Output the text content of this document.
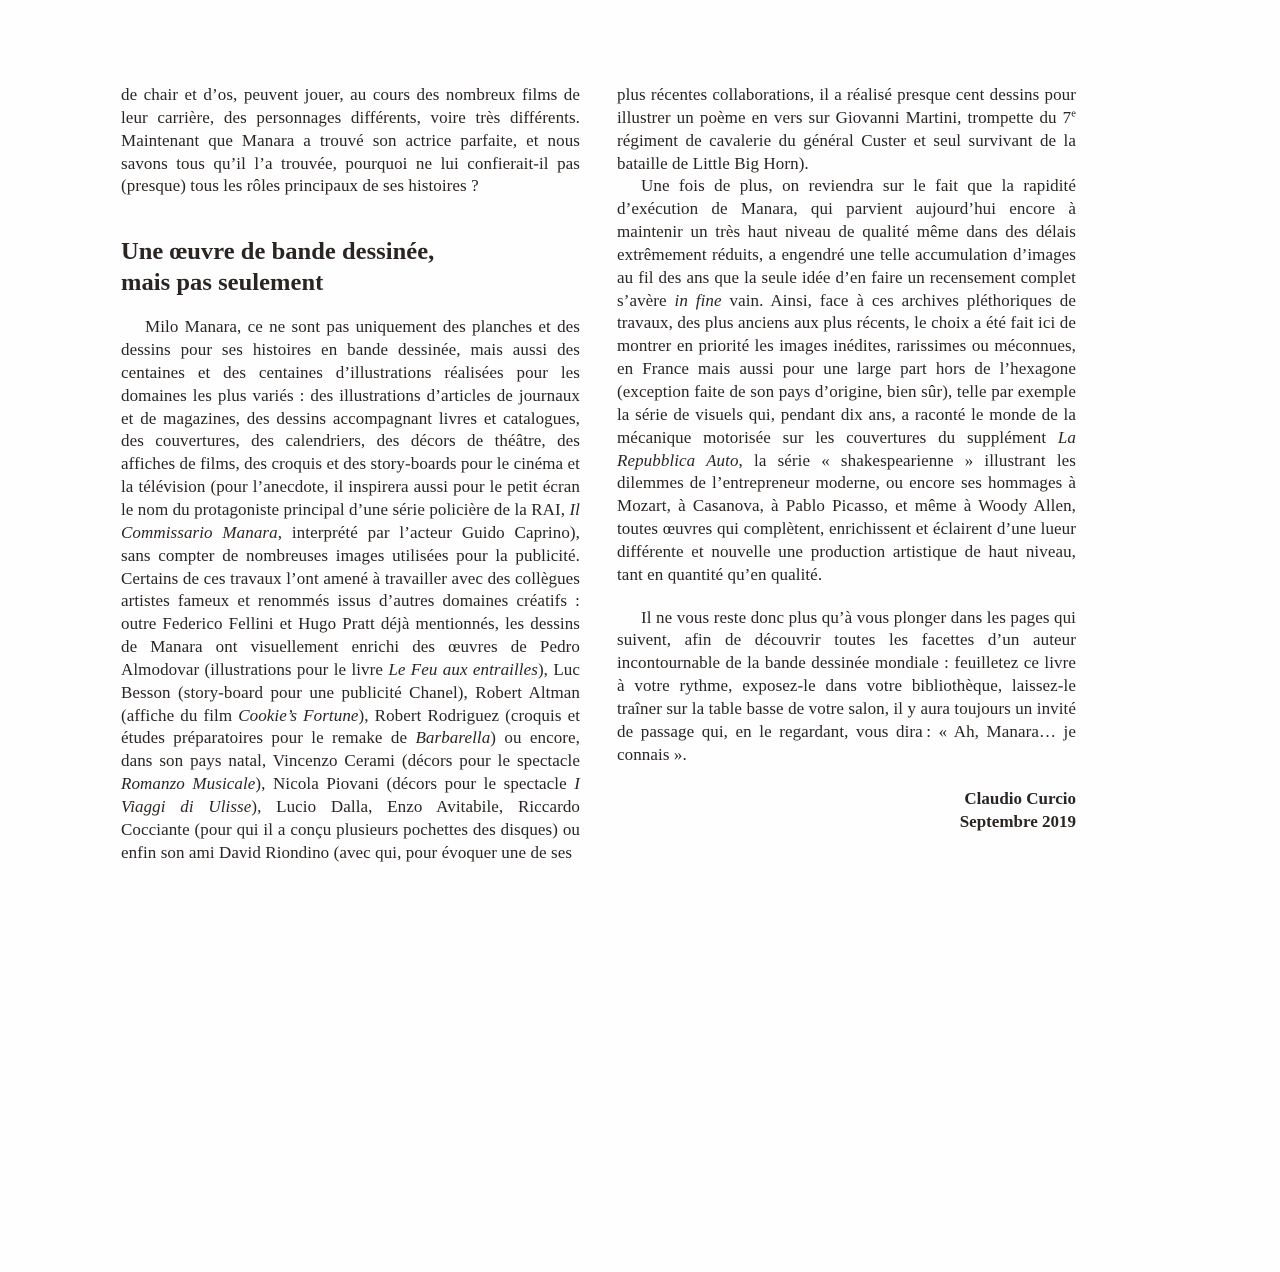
de chair et d’os, peuvent jouer, au cours des nombreux films de leur carrière, des personnages différents, voire très différents. Maintenant que Manara a trouvé son actrice parfaite, et nous savons tous qu’il l’a trouvée, pourquoi ne lui confierait-il pas (presque) tous les rôles principaux de ses histoires ?

Une œuvre de bande dessinée,
mais pas seulement

Milo Manara, ce ne sont pas uniquement des planches et des dessins pour ses histoires en bande dessinée, mais aussi des centaines et des centaines d’illustrations réalisées pour les domaines les plus variés : des illustrations d’articles de journaux et de magazines, des dessins accompagnant livres et catalogues, des couvertures, des calendriers, des décors de théâtre, des affiches de films, des croquis et des story-boards pour le cinéma et la télévision (pour l’anecdote, il inspirera aussi pour le petit écran le nom du protagoniste principal d’une série policière de la RAI, Il Commissario Manara, interprété par l’acteur Guido Caprino), sans compter de nombreuses images utilisées pour la publicité. Certains de ces travaux l’ont amené à travailler avec des collègues artistes fameux et renommés issus d’autres domaines créatifs : outre Federico Fellini et Hugo Pratt déjà mentionnés, les dessins de Manara ont visuellement enrichi des œuvres de Pedro Almodovar (illustrations pour le livre Le Feu aux entrailles), Luc Besson (story-board pour une publicité Chanel), Robert Altman (affiche du film Cookie’s Fortune), Robert Rodriguez (croquis et études préparatoires pour le remake de Barbarella) ou encore, dans son pays natal, Vincenzo Cerami (décors pour le spectacle Romanzo Musicale), Nicola Piovani (décors pour le spectacle I Viaggi di Ulisse), Lucio Dalla, Enzo Avitabile, Riccardo Cocciante (pour qui il a conçu plusieurs pochettes des disques) ou enfin son ami David Riondino (avec qui, pour évoquer une de ses

plus récentes collaborations, il a réalisé presque cent dessins pour illustrer un poème en vers sur Giovanni Martini, trompette du 7e régiment de cavalerie du général Custer et seul survivant de la bataille de Little Big Horn).

Une fois de plus, on reviendra sur le fait que la rapidité d’exécution de Manara, qui parvient aujourd’hui encore à maintenir un très haut niveau de qualité même dans des délais extrêmement réduits, a engendré une telle accumulation d’images au fil des ans que la seule idée d’en faire un recensement complet s’avère in fine vain. Ainsi, face à ces archives pléthoriques de travaux, des plus anciens aux plus récents, le choix a été fait ici de montrer en priorité les images inédites, rarissimes ou méconnues, en France mais aussi pour une large part hors de l’hexagone (exception faite de son pays d’origine, bien sûr), telle par exemple la série de visuels qui, pendant dix ans, a raconté le monde de la mécanique motorisée sur les couvertures du supplément La Repubblica Auto, la série « shakespearienne » illustrant les dilemmes de l’entrepreneur moderne, ou encore ses hommages à Mozart, à Casanova, à Pablo Picasso, et même à Woody Allen, toutes œuvres qui complètent, enrichissent et éclairent d’une lueur différente et nouvelle une production artistique de haut niveau, tant en quantité qu’en qualité.

Il ne vous reste donc plus qu’à vous plonger dans les pages qui suivent, afin de découvrir toutes les facettes d’un auteur incontournable de la bande dessinée mondiale : feuilletez ce livre à votre rythme, exposez-le dans votre bibliothèque, laissez-le traîner sur la table basse de votre salon, il y aura toujours un invité de passage qui, en le regardant, vous dira : « Ah, Manara… je connais ».

Claudio Curcio
Septembre 2019
